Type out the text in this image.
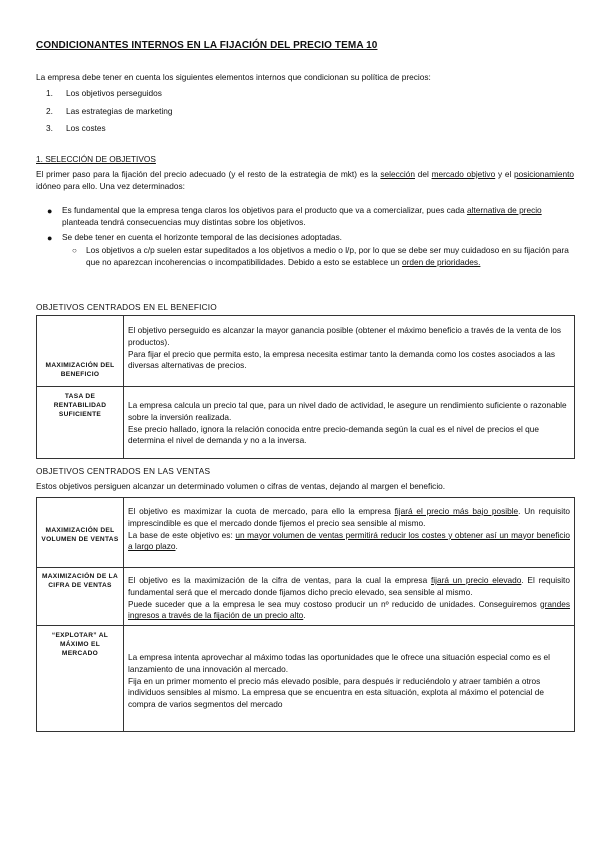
CONDICIONANTES INTERNOS EN LA FIJACIÓN DEL PRECIO TEMA 10
La empresa debe tener en cuenta los siguientes elementos internos que condicionan su política de precios:
1. Los objetivos perseguidos
2. Las estrategias de marketing
3. Los costes
1. SELECCIÓN DE OBJETIVOS
El primer paso para la fijación del precio adecuado (y el resto de la estrategia de mkt) es la selección del mercado objetivo y el posicionamiento idóneo para ello. Una vez determinados:
● Es fundamental que la empresa tenga claros los objetivos para el producto que va a comercializar, pues cada alternativa de precio planteada tendrá consecuencias muy distintas sobre los objetivos.
● Se debe tener en cuenta el horizonte temporal de las decisiones adoptadas.
○ Los objetivos a c/p suelen estar supeditados a los objetivos a medio o l/p, por lo que se debe ser muy cuidadoso en su fijación para que no aparezcan incoherencias o incompatibilidades. Debido a esto se establece un orden de prioridades.
OBJETIVOS CENTRADOS EN EL BENEFICIO
MAXIMIZACIÓN DEL BENEFICIO	El objetivo perseguido es alcanzar la mayor ganancia posible (obtener el máximo beneficio a través de la venta de los productos).

Para fijar el precio que permita esto, la empresa necesita estimar tanto la demanda como los costes asociados a las diversas alternativas de precios.

TASA DE RENTABILIDAD SUFICIENTE	La empresa calcula un precio tal que, para un nivel dado de actividad, le asegure un rendimiento suficiente o razonable sobre la inversión realizada.

Ese precio hallado, ignora la relación conocida entre precio-demanda según la cual es el nivel de precios el que determina el nivel de demanda y no a la inversa.

OBJETIVOS CENTRADOS EN LAS VENTAS
Estos objetivos persiguen alcanzar un determinado volumen o cifras de ventas, dejando al margen el beneficio.
MAXIMIZACIÓN DEL VOLUMEN DE VENTAS	El objetivo es maximizar la cuota de mercado, para ello la empresa fijará el precio más bajo posible. Un requisito imprescindible es que el mercado donde fijemos el precio sea sensible al mismo.

La base de este objetivo es: un mayor volumen de ventas permitirá reducir los costes y obtener así un mayor beneficio a largo plazo.

MAXIMIZACIÓN DE LA CIFRA DE VENTAS	El objetivo es la maximización de la cifra de ventas, para la cual la empresa fijará un precio elevado. El requisito fundamental será que el mercado donde fijamos dicho precio elevado, sea sensible al mismo.

Puede suceder que a la empresa le sea muy costoso producir un nº reducido de unidades. Conseguiremos grandes ingresos a través de la fijación de un precio alto.

“EXPLOTAR” AL MÁXIMO EL MERCADO	La empresa intenta aprovechar al máximo todas las oportunidades que le ofrece una situación especial como es el lanzamiento de una innovación al mercado.

Fija en un primer momento el precio más elevado posible, para después ir reduciéndolo y atraer también a otros individuos sensibles al mismo. La empresa que se encuentra en esta situación, explota al máximo el potencial de compra de varios segmentos del mercado
